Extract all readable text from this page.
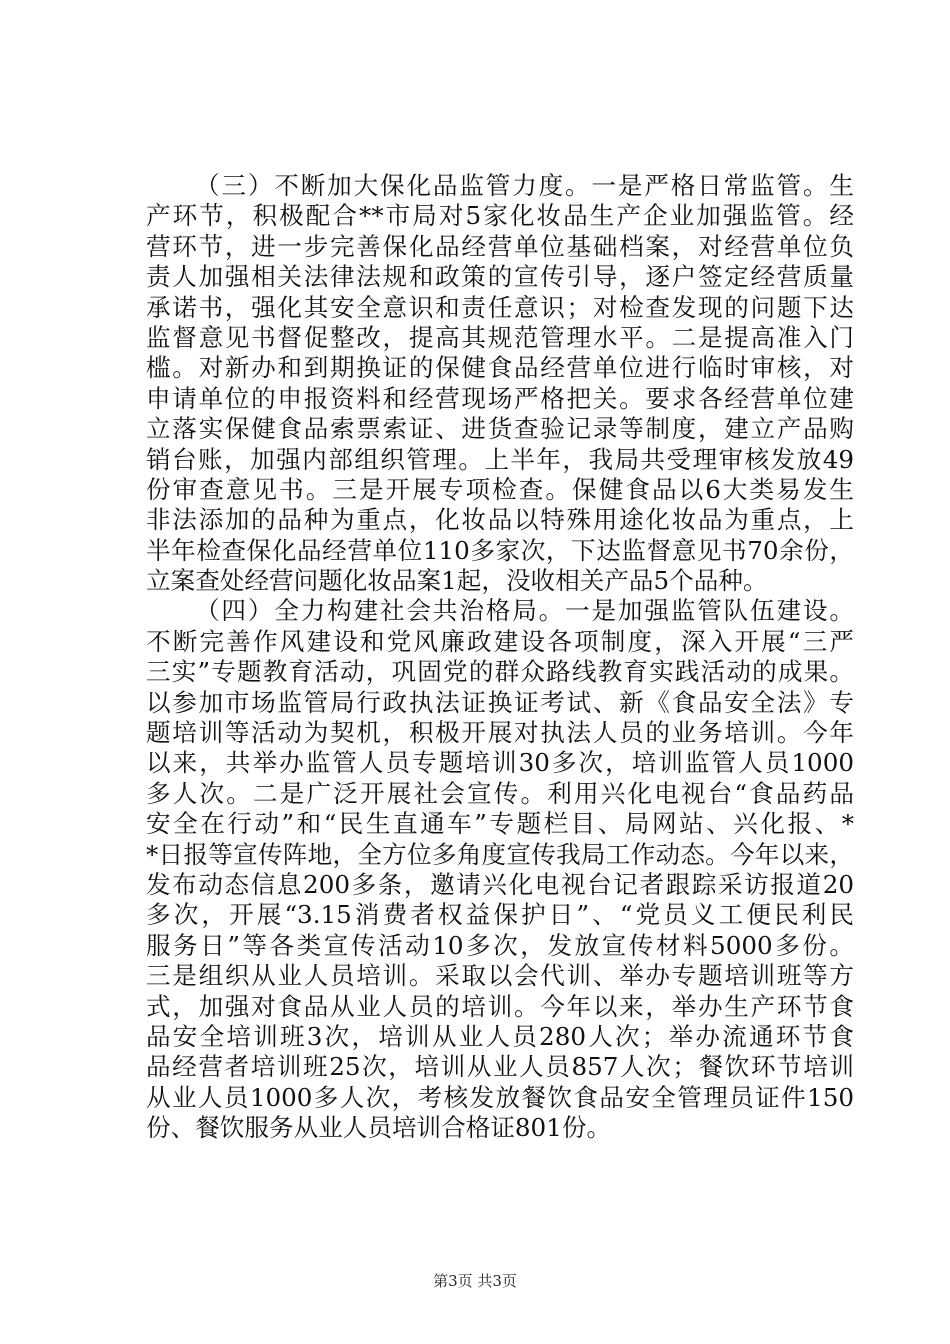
（三）不断加大保化品监管力度。一是严格日常监管。生
产环节，积极配合**市局对5家化妆品生产企业加强监管。经
营环节，进一步完善保化品经营单位基础档案，对经营单位负
责人加强相关法律法规和政策的宣传引导，逐户签定经营质量
承诺书，强化其安全意识和责任意识；对检查发现的问题下达
监督意见书督促整改，提高其规范管理水平。二是提高准入门
槛。对新办和到期换证的保健食品经营单位进行临时审核，对
申请单位的申报资料和经营现场严格把关。要求各经营单位建
立落实保健食品索票索证、进货查验记录等制度，建立产品购
销台账，加强内部组织管理。上半年，我局共受理审核发放49
份审查意见书。三是开展专项检查。保健食品以6大类易发生
非法添加的品种为重点，化妆品以特殊用途化妆品为重点，上
半年检查保化品经营单位110多家次，下达监督意见书70余份，
立案查处经营问题化妆品案1起，没收相关产品5个品种。
（四）全力构建社会共治格局。一是加强监管队伍建设。
不断完善作风建设和党风廉政建设各项制度，深入开展“三严
三实”专题教育活动，巩固党的群众路线教育实践活动的成果。
以参加市场监管局行政执法证换证考试、新《食品安全法》专
题培训等活动为契机，积极开展对执法人员的业务培训。今年
以来，共举办监管人员专题培训30多次，培训监管人员1000
多人次。二是广泛开展社会宣传。利用兴化电视台“食品药品
安全在行动”和“民生直通车”专题栏目、局网站、兴化报、*
*日报等宣传阵地，全方位多角度宣传我局工作动态。今年以来，
发布动态信息200多条，邀请兴化电视台记者跟踪采访报道20
多次，开展“3.15消费者权益保护日”、“党员义工便民利民
服务日”等各类宣传活动10多次，发放宣传材料5000多份。
三是组织从业人员培训。采取以会代训、举办专题培训班等方
式，加强对食品从业人员的培训。今年以来，举办生产环节食
品安全培训班3次，培训从业人员280人次；举办流通环节食
品经营者培训班25次，培训从业人员857人次；餐饮环节培训
从业人员1000多人次，考核发放餐饮食品安全管理员证件150
份、餐饮服务从业人员培训合格证801份。
第3页 共3页
